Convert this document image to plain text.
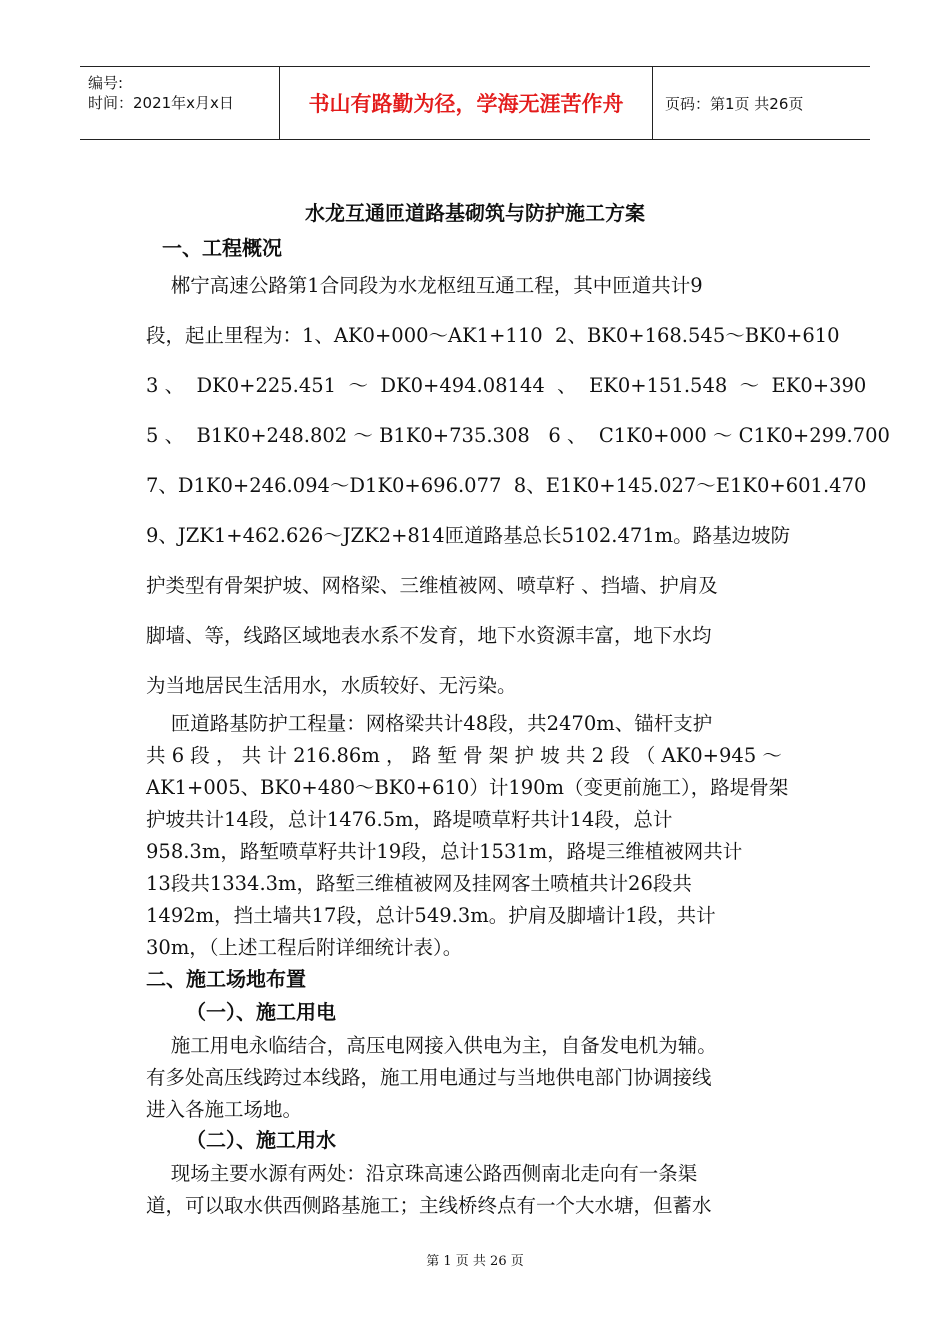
编号:
时间：2021年x月x日	书山有路勤为径，学海无涯苦作舟	页码：第1页 共26页
水龙互通匝道路基砌筑与防护施工方案
一、工程概况
郴宁高速公路第1合同段为水龙枢纽互通工程，其中匝道共计9
段，起止里程为：1、AK0+000～AK1+110  2、BK0+168.545～BK0+610
3 、  DK0+225.451  ～  DK0+494.08144  、  EK0+151.548  ～  EK0+390
5 、  B1K0+248.802 ～ B1K0+735.308   6 、  C1K0+000 ～ C1K0+299.700
7、D1K0+246.094～D1K0+696.077  8、E1K0+145.027～E1K0+601.470
9、JZK1+462.626～JZK2+814匝道路基总长5102.471m。路基边坡防
护类型有骨架护坡、网格梁、三维植被网、喷草籽 、挡墙、护肩及
脚墙、等，线路区域地表水系不发育，地下水资源丰富，地下水均
为当地居民生活用水，水质较好、无污染。
匝道路基防护工程量：网格梁共计48段，共2470m、锚杆支护
共 6 段 ， 共 计 216.86m ， 路 堑 骨 架 护 坡 共 2 段 （ AK0+945 ～
AK1+005、BK0+480～BK0+610）计190m（变更前施工），路堤骨架
护坡共计14段，总计1476.5m，路堤喷草籽共计14段，总计
958.3m，路堑喷草籽共计19段，总计1531m，路堤三维植被网共计
13段共1334.3m，路堑三维植被网及挂网客土喷植共计26段共
1492m，挡土墙共17段，总计549.3m。护肩及脚墙计1段，共计
30m，（上述工程后附详细统计表）。
二、施工场地布置
（一）、施工用电
施工用电永临结合，高压电网接入供电为主，自备发电机为辅。
有多处高压线跨过本线路，施工用电通过与当地供电部门协调接线
进入各施工场地。
（二）、施工用水
现场主要水源有两处：沿京珠高速公路西侧南北走向有一条渠
道，可以取水供西侧路基施工；主线桥终点有一个大水塘，但蓄水
第 1 页 共 26 页
